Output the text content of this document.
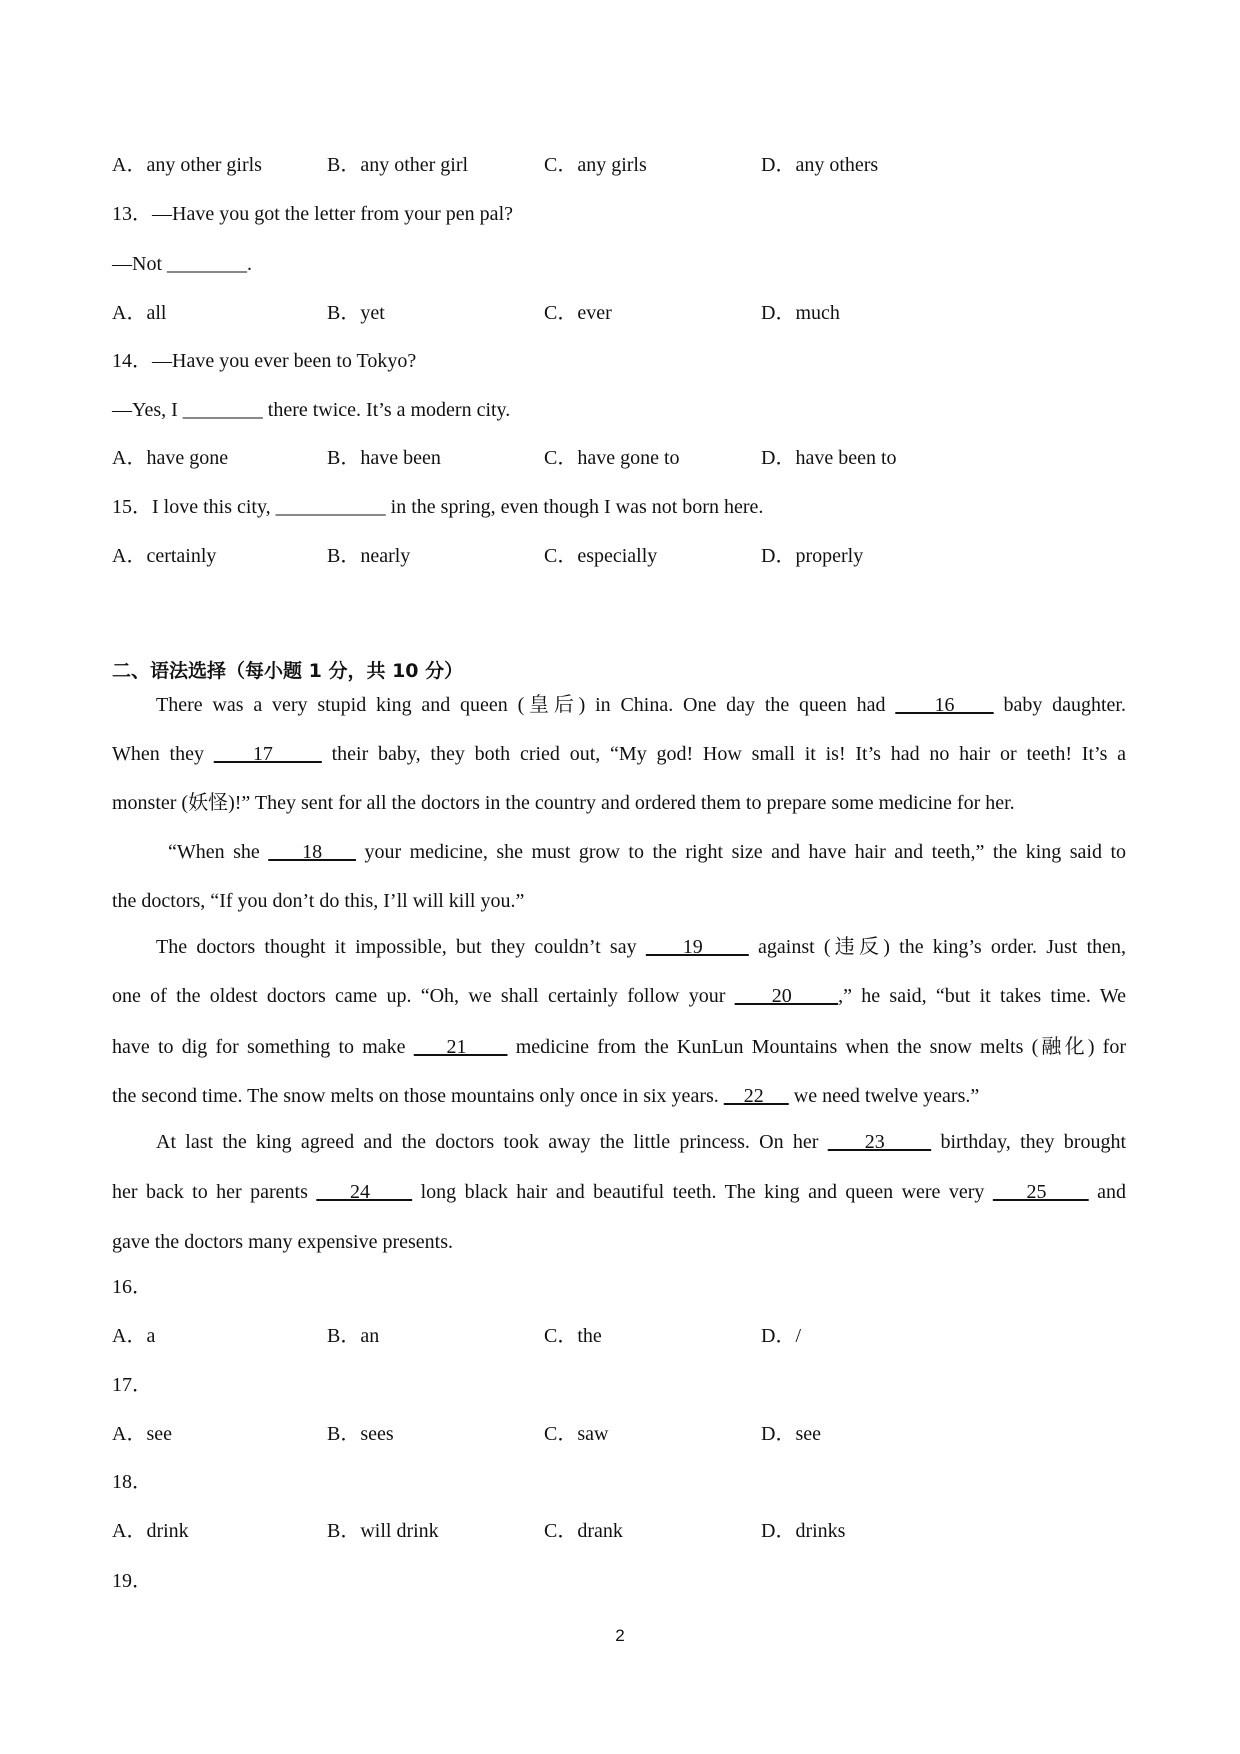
A．any other girls	B．any other girl	C．any girls	D．any others
13．—Have you got the letter from your pen pal?
—Not ________.
A．all	B．yet	C．ever	D．much
14．—Have you ever been to Tokyo?
—Yes, I ________ there twice. It’s a modern city.
A．have gone	B．have been	C．have gone to	D．have been to
15．I love this city, ___________ in the spring, even though I was not born here.
A．certainly	B．nearly	C．especially	D．properly
二、语法选择（每小题 1 分，共 10 分）
There was a very stupid king and queen (皇后) in China. One day the queen had     16     baby daughter.
When they     17      their baby, they both cried out, “My god! How small it is! It’s had no hair or teeth! It’s a
monster (妖怪)!” They sent for all the doctors in the country and ordered them to prepare some medicine for her.
“When she     18     your medicine, she must grow to the right size and have hair and teeth,” the king said to
the doctors, “If you don’t do this, I’ll will kill you.”
The doctors thought it impossible, but they couldn’t say     19      against (违反) the king’s order. Just then,
one of the oldest doctors came up. “Oh, we shall certainly follow your     20     ,” he said, “but it takes time. We
have to dig for something to make     21      medicine from the KunLun Mountains when the snow melts (融化) for
the second time. The snow melts on those mountains only once in six years.     22      we need twelve years.”
At last the king agreed and the doctors took away the little princess. On her     23      birthday, they brought
her back to her parents     24      long black hair and beautiful teeth. The king and queen were very     25      and
gave the doctors many expensive presents.
16．
A．a	B．an	C．the	D．/
17．
A．see	B．sees	C．saw	D．see
18．
A．drink	B．will drink	C．drank	D．drinks
19．
2
